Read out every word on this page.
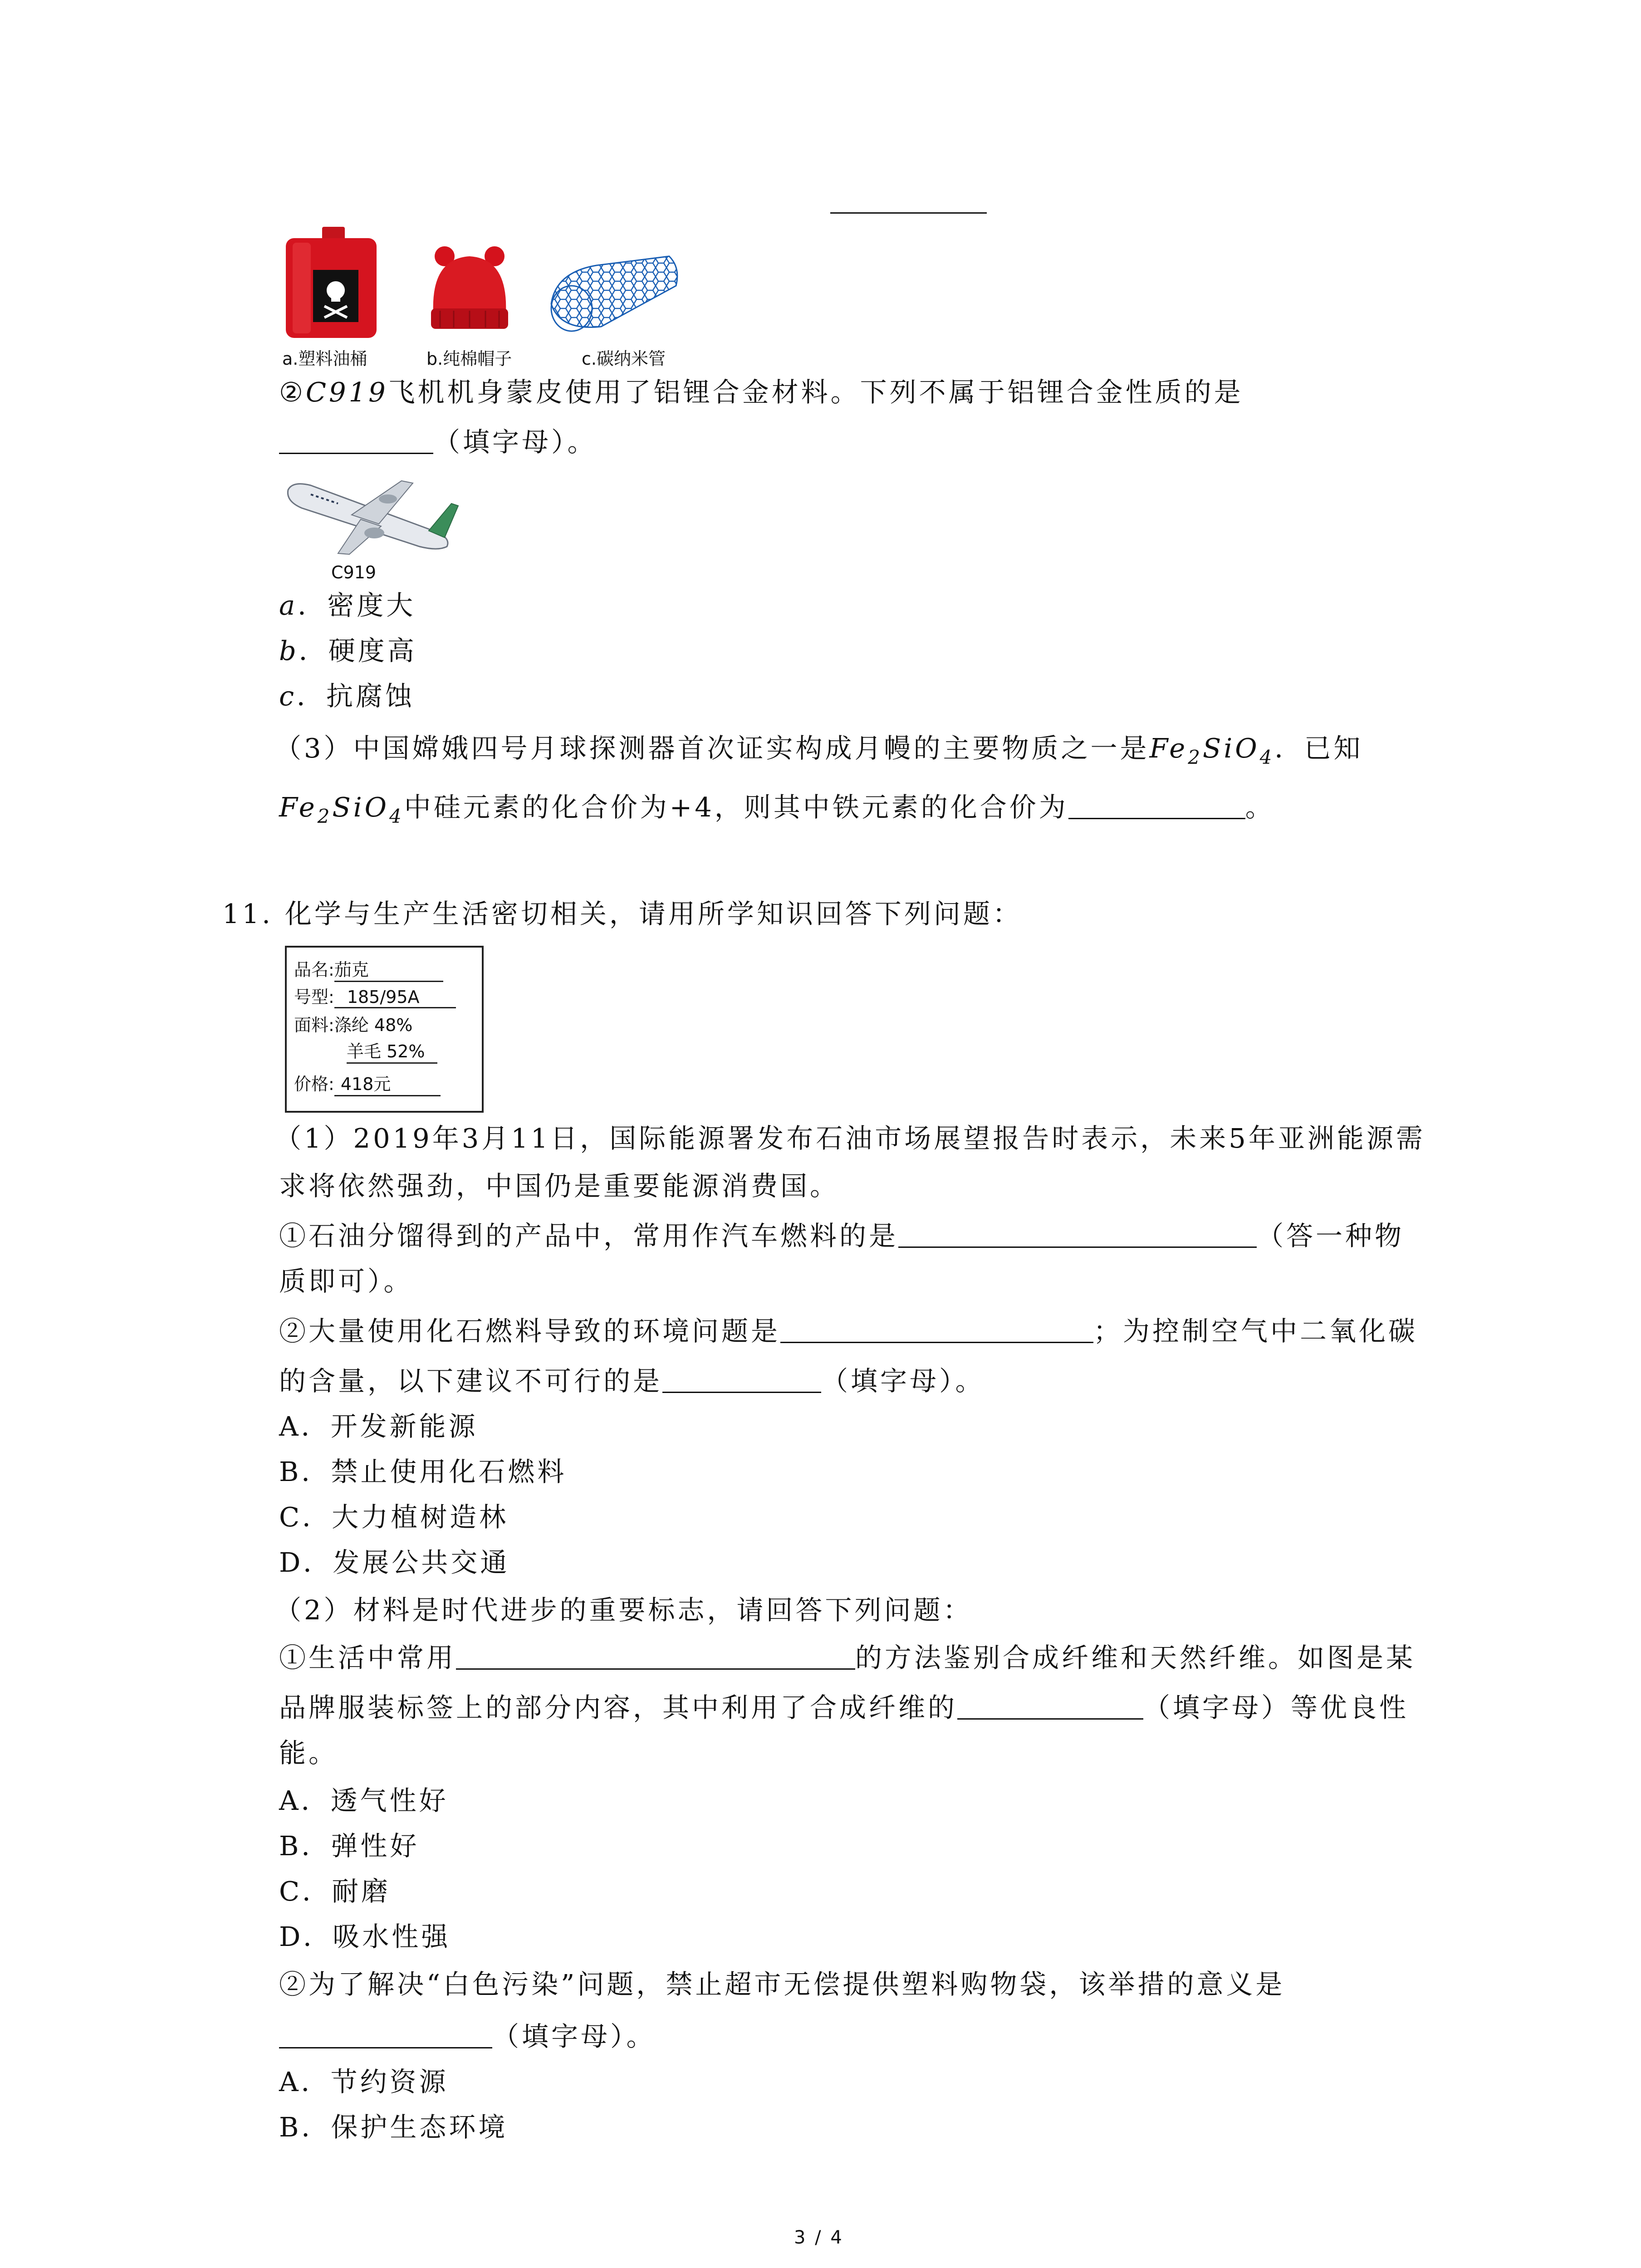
a.塑料油桶	b.纯棉帽子	c.碳纳米管
②C919飞机机身蒙皮使用了铝锂合金材料。下列不属于铝锂合金性质的是
（填字母）。
C919
a．密度大
b．硬度高
c．抗腐蚀
（3）中国嫦娥四号月球探测器首次证实构成月幔的主要物质之一是$Fe_2SiO_4$．已知
$Fe_2SiO_4$中硅元素的化合价为+4，则其中铁元素的化合价为	。
11. 化学与生产生活密切相关，请用所学知识回答下列问题：
品名:茄克
号型: 185/95A
面料:涤纶 48%
羊毛 52%
价格: 418元
（1）2019年3月11日，国际能源署发布石油市场展望报告时表示，未来5年亚洲能源需
求将依然强劲，中国仍是重要能源消费国。
①石油分馏得到的产品中，常用作汽车燃料的是	（答一种物
质即可）。
②大量使用化石燃料导致的环境问题是	；为控制空气中二氧化碳
的含量，以下建议不可行的是	（填字母）。
A．开发新能源
B．禁止使用化石燃料
C．大力植树造林
D．发展公共交通
（2）材料是时代进步的重要标志，请回答下列问题：
①生活中常用	的方法鉴别合成纤维和天然纤维。如图是某
品牌服装标签上的部分内容，其中利用了合成纤维的	（填字母）等优良性
能。
A．透气性好
B．弹性好
C．耐磨
D．吸水性强
②为了解决“白色污染”问题，禁止超市无偿提供塑料购物袋，该举措的意义是
（填字母）。
A．节约资源
B．保护生态环境
3 / 4
